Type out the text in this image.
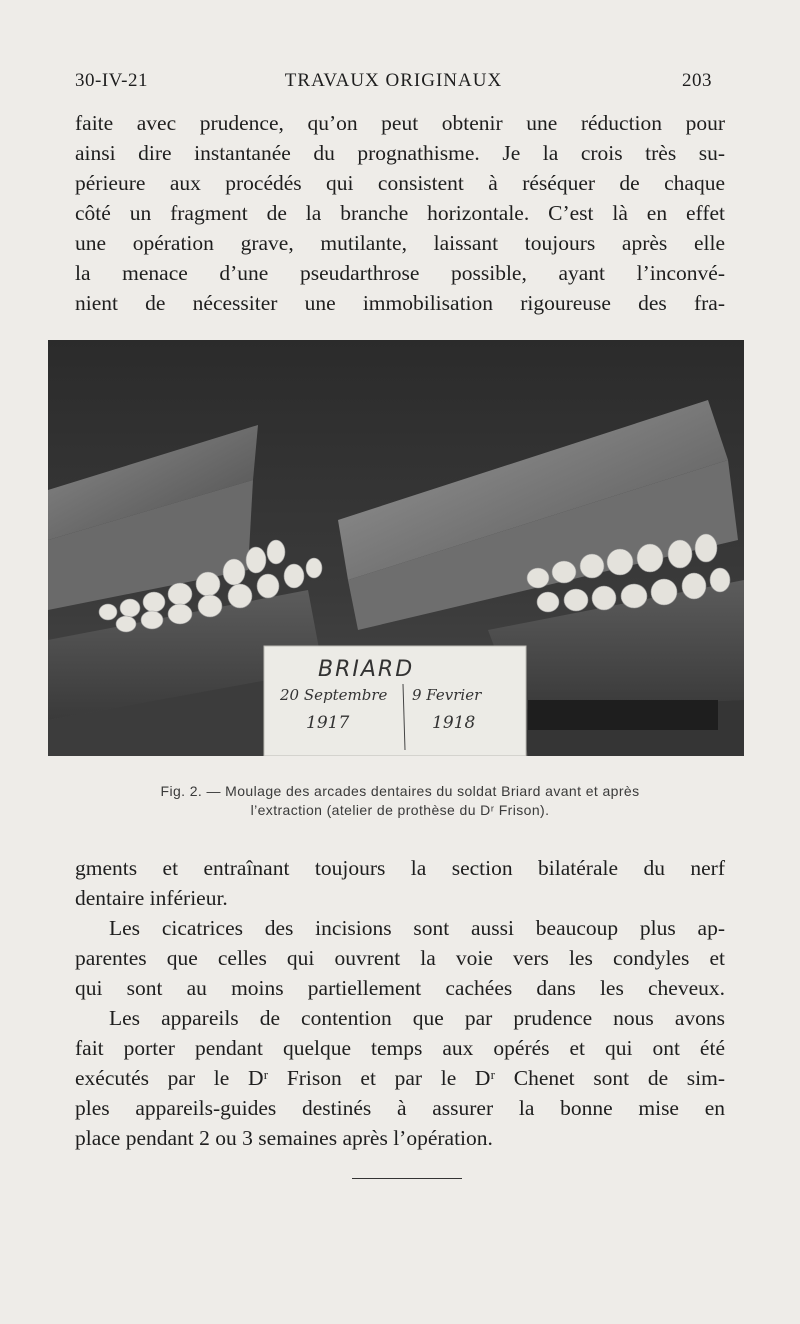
30-IV-21	TRAVAUX ORIGINAUX	203
faite avec prudence, qu’on peut obtenir une réduction pour
ainsi dire instantanée du prognathisme. Je la crois très su-
périeure aux procédés qui consistent à réséquer de chaque
côté un fragment de la branche horizontale. C’est là en effet
une opération grave, mutilante, laissant toujours après elle
la menace d’une pseudarthrose possible, ayant l’inconvé-
nient de nécessiter une immobilisation rigoureuse des fra-
BRIARD
20 Septembre 9 Fevrier
1917	1918
Fig. 2. — Moulage des arcades dentaires du soldat Briard avant et après
l’extraction (atelier de prothèse du Dʳ Frison).
gments et entraînant toujours la section bilatérale du nerf
dentaire inférieur.
Les cicatrices des incisions sont aussi beaucoup plus ap-
parentes que celles qui ouvrent la voie vers les condyles et
qui sont au moins partiellement cachées dans les cheveux.
Les appareils de contention que par prudence nous avons
fait porter pendant quelque temps aux opérés et qui ont été
exécutés par le Dʳ Frison et par le Dʳ Chenet sont de sim-
ples appareils-guides destinés à assurer la bonne mise en
place pendant 2 ou 3 semaines après l’opération.
